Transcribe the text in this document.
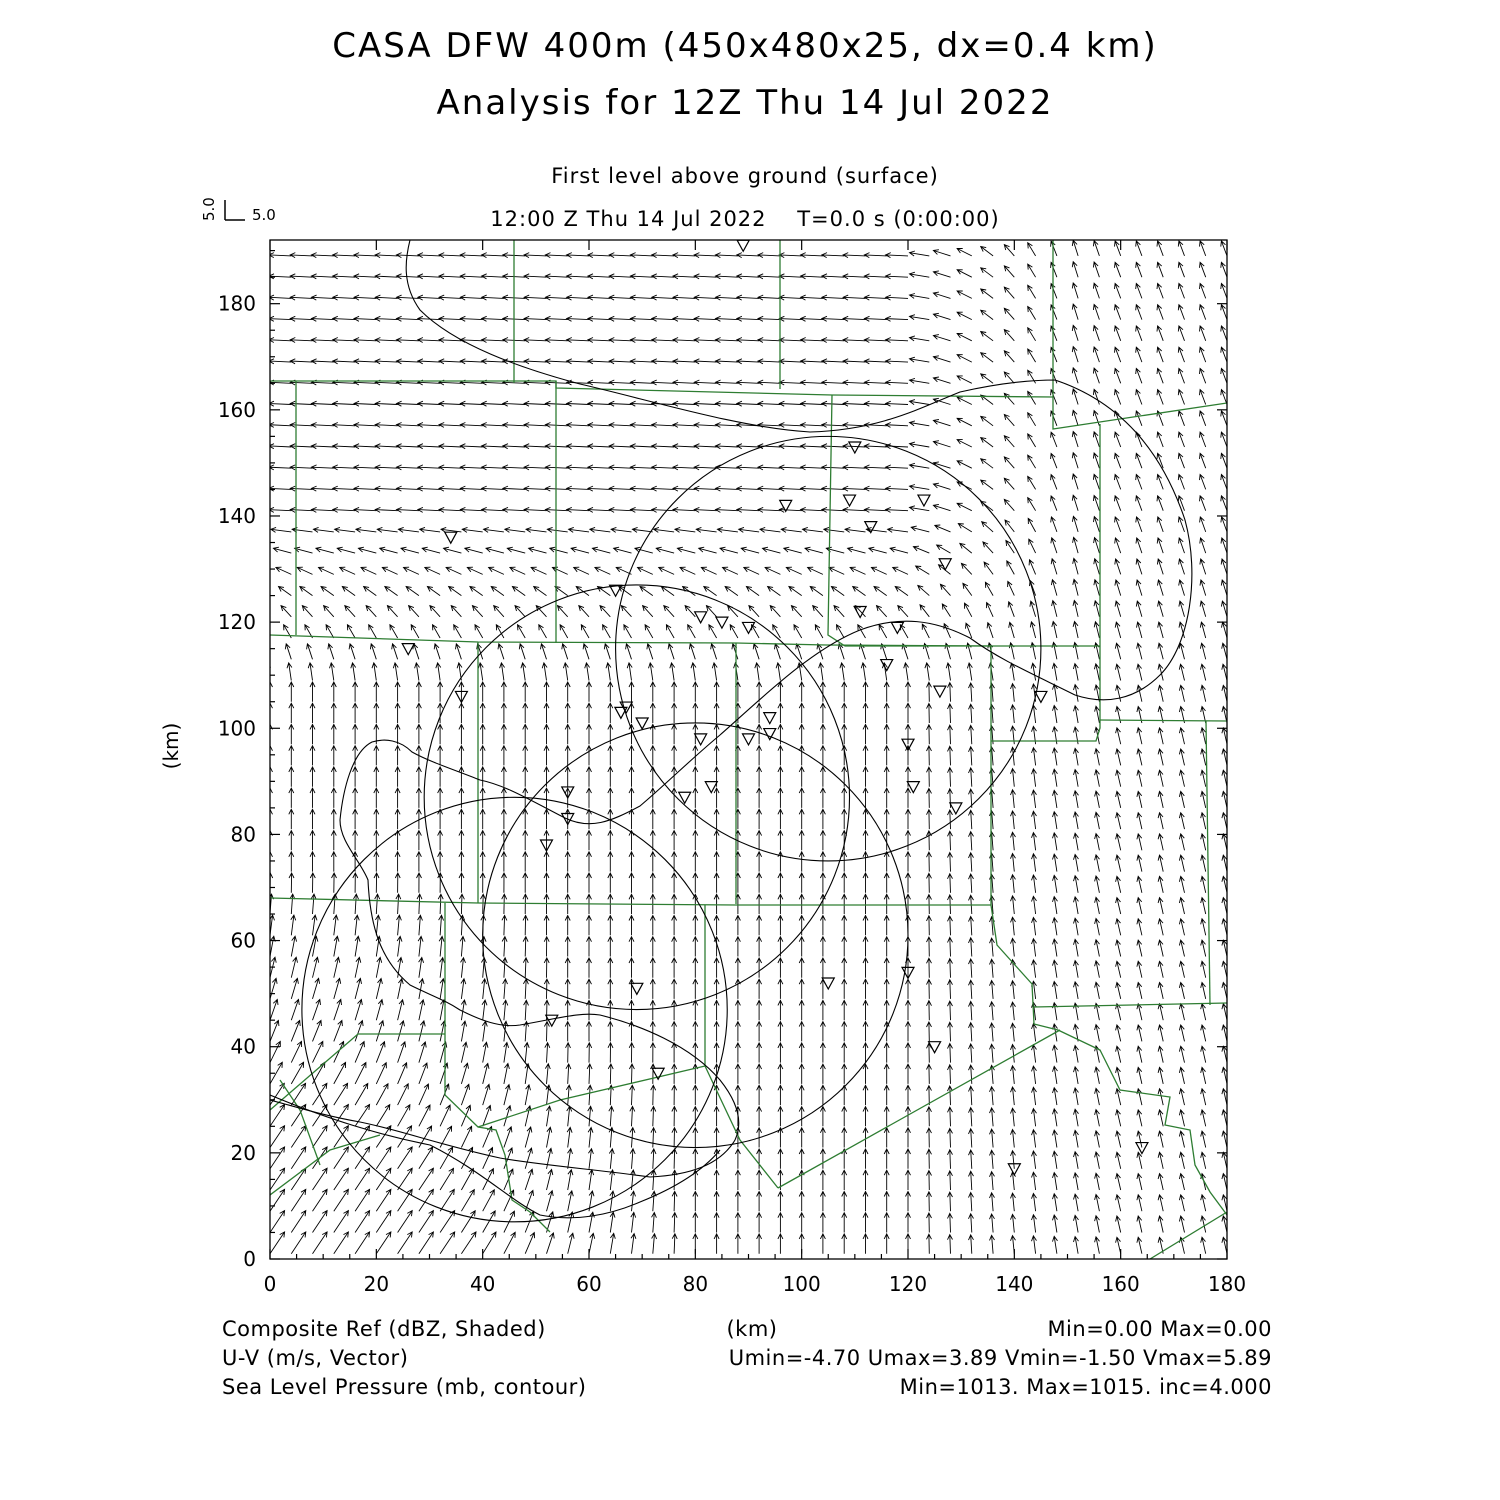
CASA DFW 400m (450x480x25, dx=0.4 km)
Analysis for 12Z Thu 14 Jul 2022
First level above ground (surface)
12:00 Z Thu 14 Jul 2022    T=0.0 s (0:00:00)
5.0 5.0
0	20	40	60	80	100	120	140	160	180
0
20
40
60
80
100
120
140
160
180
(km)
Composite Ref (dBZ, Shaded)
U-V (m/s, Vector)
Sea Level Pressure (mb, contour)
(km)	Min=0.00 Max=0.00
Umin=-4.70 Umax=3.89 Vmin=-1.50 Vmax=5.89
Min=1013. Max=1015. inc=4.000
